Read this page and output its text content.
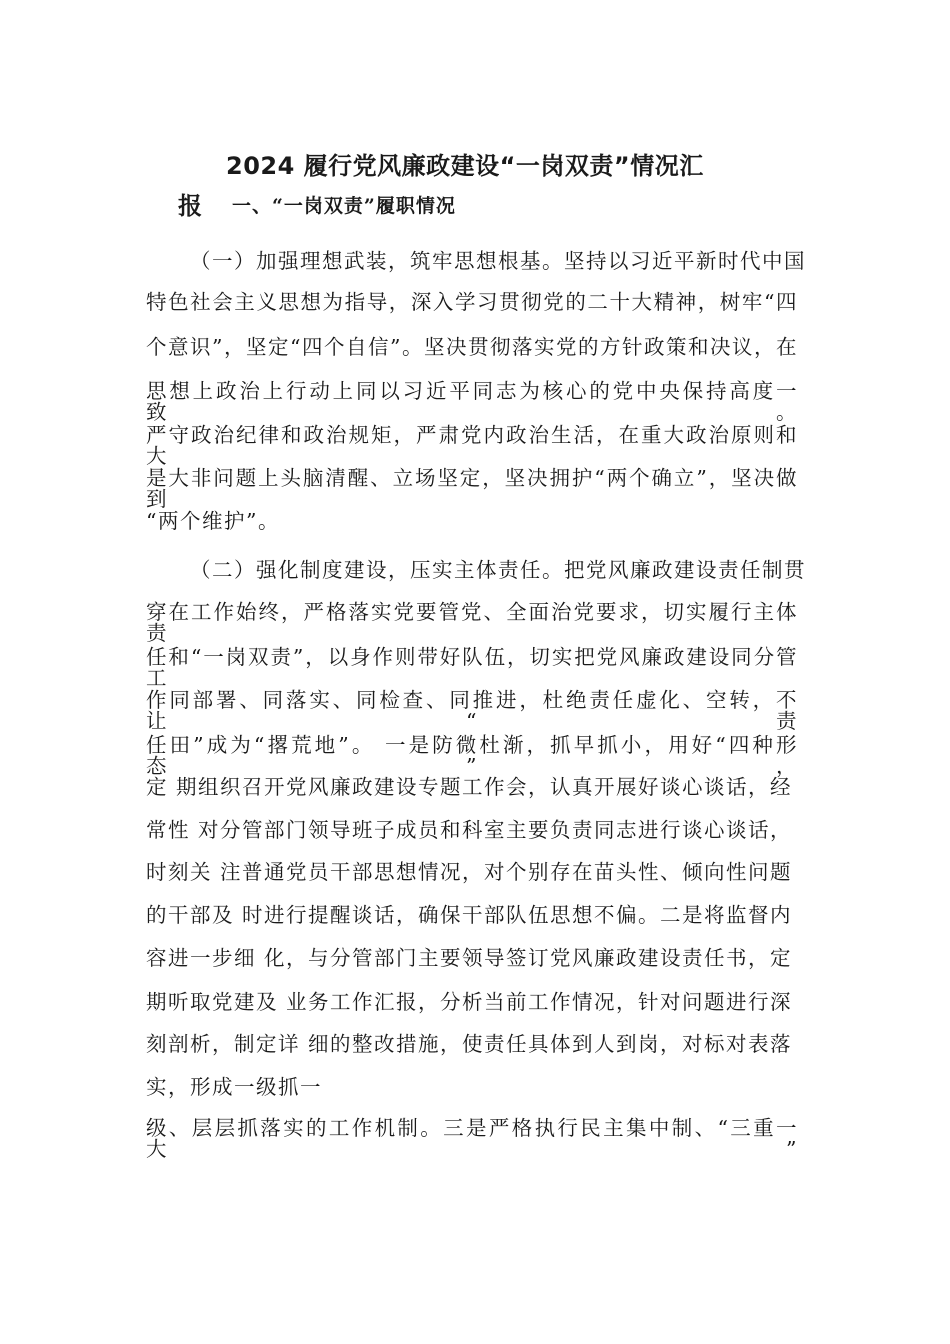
2024 履行党风廉政建设“一岗双责”情况汇
报 一、“一岗双责”履职情况
（一）加强理想武装，筑牢思想根基。坚持以习近平新时代中国
特色社会主义思想为指导，深入学习贯彻党的二十大精神，树牢“四
个意识”，坚定“四个自信”。坚决贯彻落实党的方针政策和决议，在
思想上政治上行动上同以习近平同志为核心的党中央保持高度一致。
严守政治纪律和政治规矩，严肃党内政治生活，在重大政治原则和大
是大非问题上头脑清醒、立场坚定，坚决拥护“两个确立”，坚决做到
“两个维护”。
（二）强化制度建设，压实主体责任。把党风廉政建设责任制贯
穿在工作始终，严格落实党要管党、全面治党要求，切实履行主体责
任和“一岗双责”，以身作则带好队伍，切实把党风廉政建设同分管工
作同部署、同落实、同检查、同推进，杜绝责任虚化、空转，不让“责
任田”成为“撂荒地”。 一是防微杜渐，抓早抓小，用好“四种形态”，
定 期组织召开党风廉政建设专题工作会，认真开展好谈心谈话，经
常性 对分管部门领导班子成员和科室主要负责同志进行谈心谈话，
时刻关 注普通党员干部思想情况，对个别存在苗头性、倾向性问题
的干部及 时进行提醒谈话，确保干部队伍思想不偏。二是将监督内
容进一步细 化，与分管部门主要领导签订党风廉政建设责任书，定
期听取党建及 业务工作汇报，分析当前工作情况，针对问题进行深
刻剖析，制定详 细的整改措施，使责任具体到人到岗，对标对表落
实，形成一级抓一
级、层层抓落实的工作机制。三是严格执行民主集中制、“三重一大”
